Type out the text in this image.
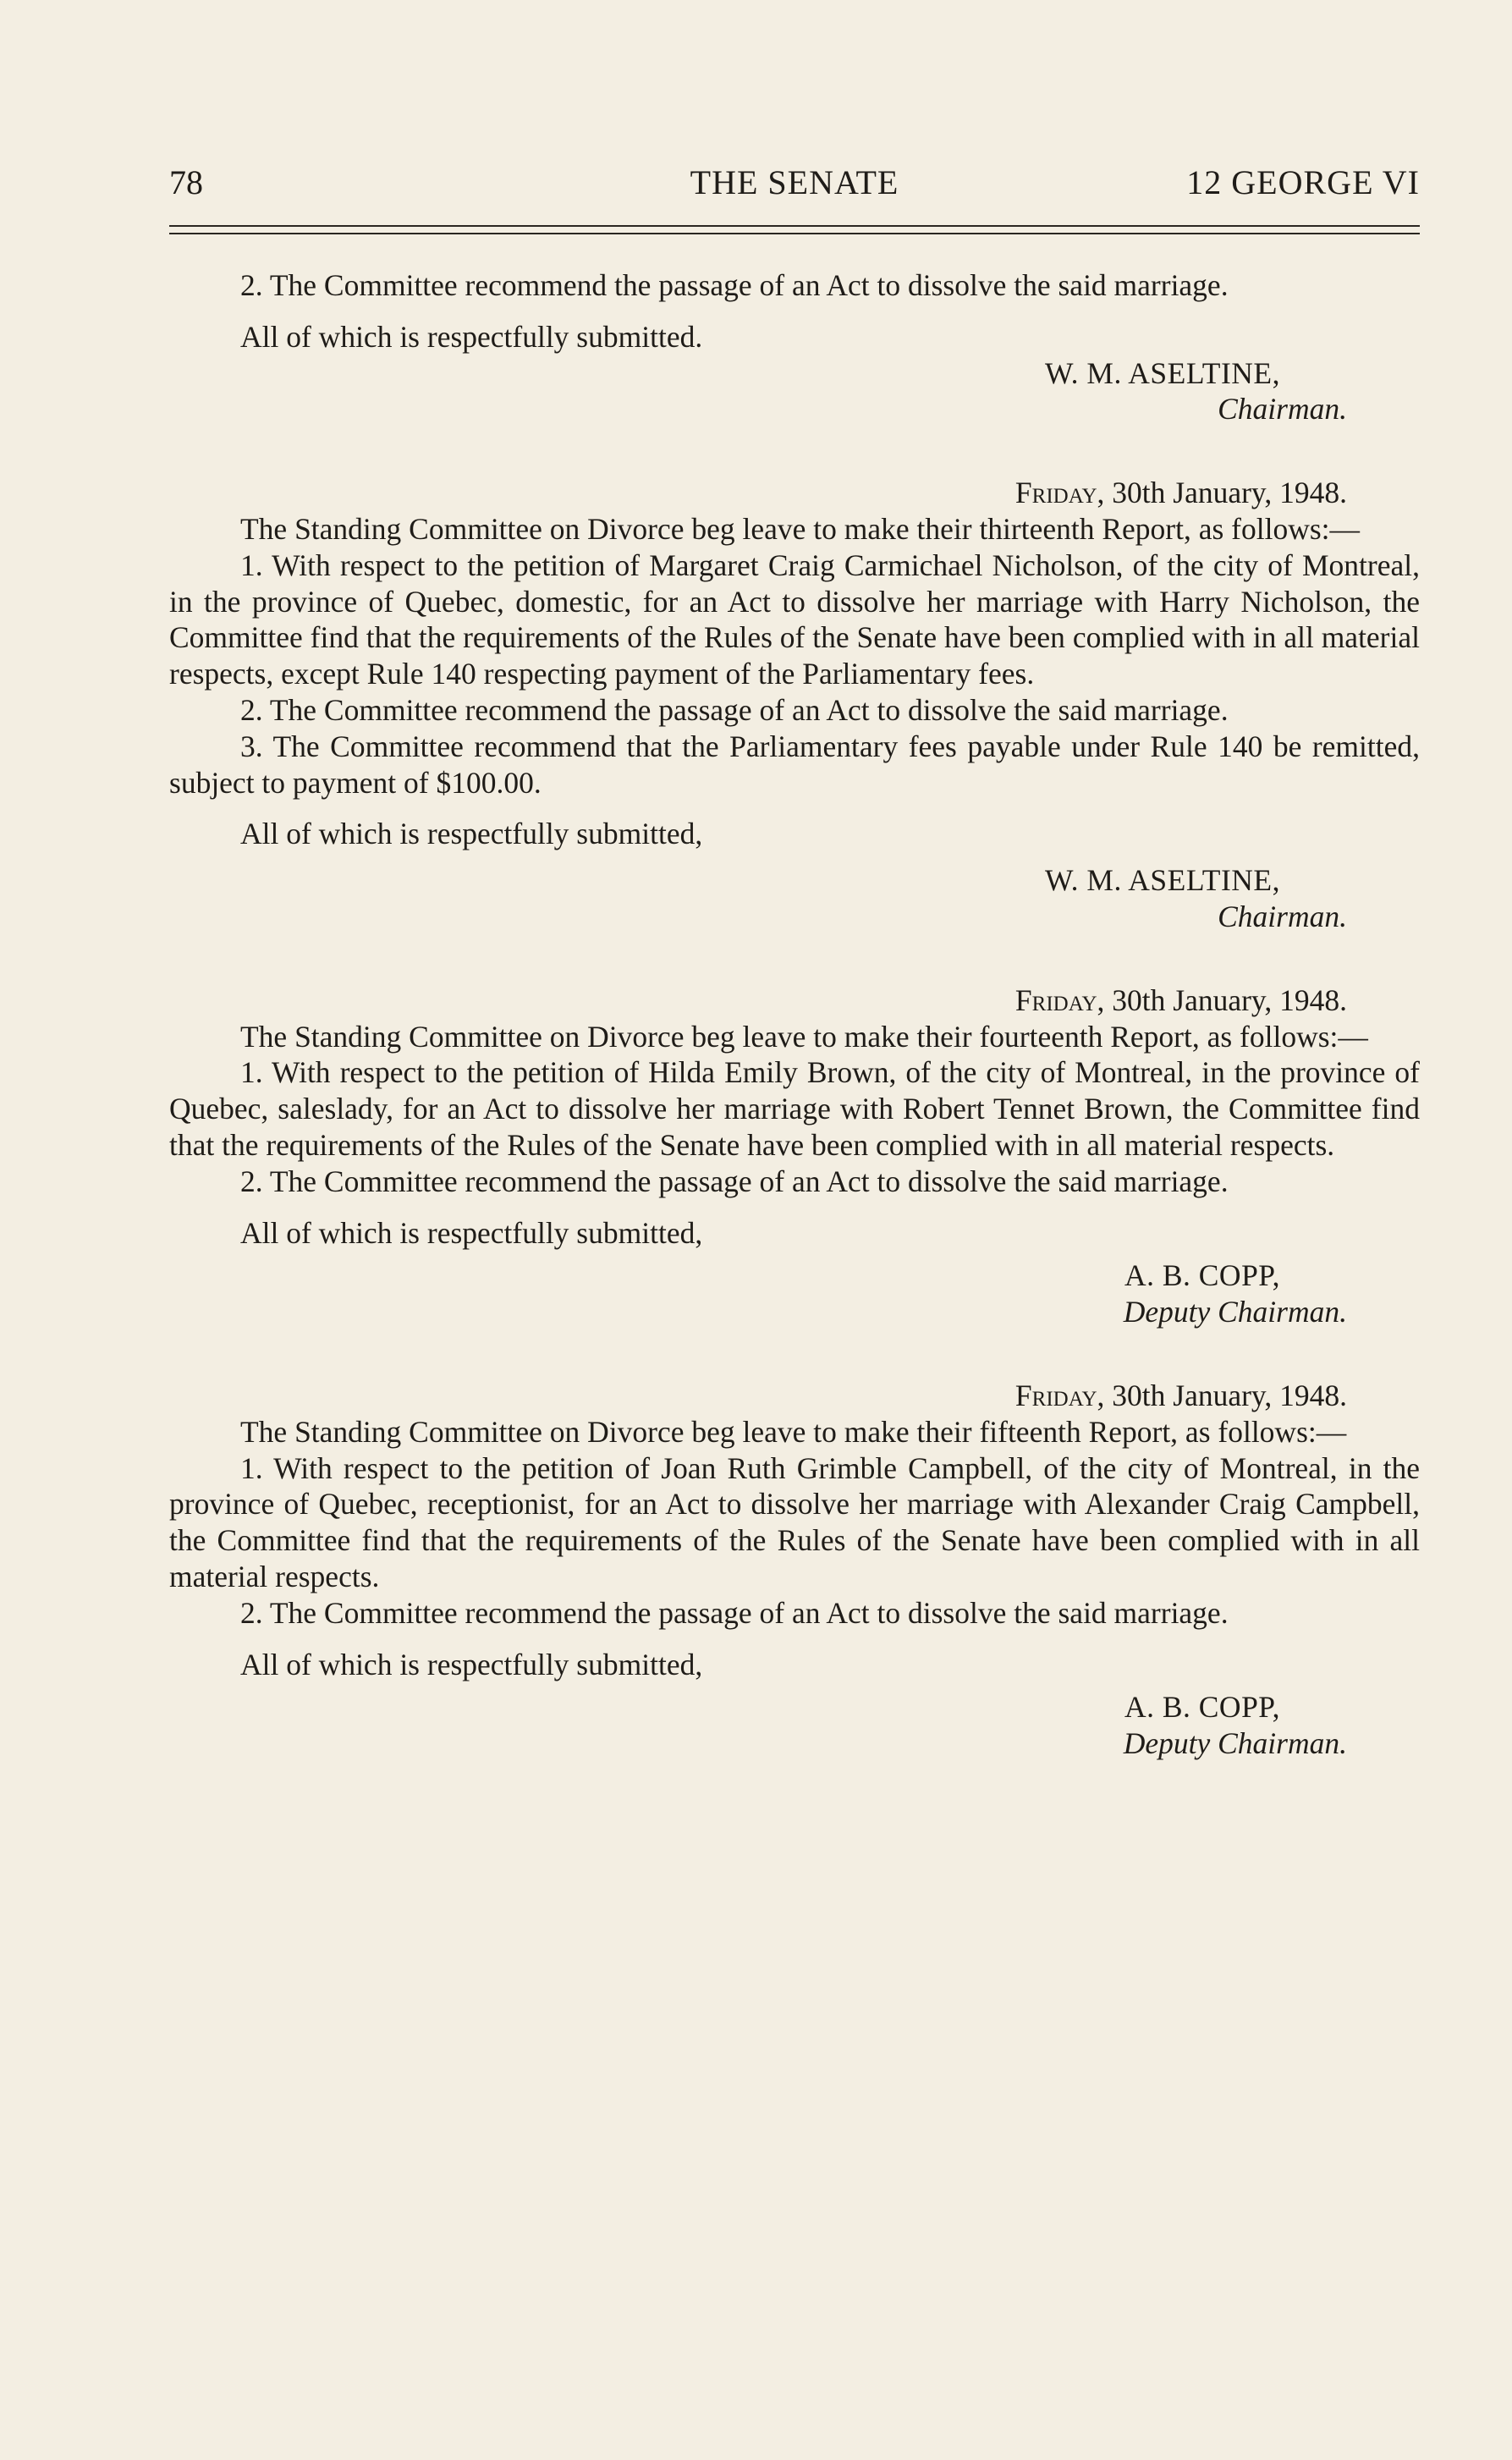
78	THE SENATE	12 GEORGE VI

2. The Committee recommend the passage of an Act to dissolve the said marriage.

All of which is respectfully submitted.

W. M. ASELTINE,

Chairman.

Friday, 30th January, 1948.

The Standing Committee on Divorce beg leave to make their thirteenth Report, as follows:—

1. With respect to the petition of Margaret Craig Carmichael Nicholson, of the city of Montreal, in the province of Quebec, domestic, for an Act to dissolve her marriage with Harry Nicholson, the Committee find that the requirements of the Rules of the Senate have been complied with in all material respects, except Rule 140 respecting payment of the Parliamentary fees.

2. The Committee recommend the passage of an Act to dissolve the said marriage.

3. The Committee recommend that the Parliamentary fees payable under Rule 140 be remitted, subject to payment of $100.00.

All of which is respectfully submitted,

W. M. ASELTINE,

Chairman.

Friday, 30th January, 1948.

The Standing Committee on Divorce beg leave to make their fourteenth Report, as follows:—

1. With respect to the petition of Hilda Emily Brown, of the city of Montreal, in the province of Quebec, saleslady, for an Act to dissolve her marriage with Robert Tennet Brown, the Committee find that the requirements of the Rules of the Senate have been complied with in all material respects.

2. The Committee recommend the passage of an Act to dissolve the said marriage.

All of which is respectfully submitted,

A. B. COPP,

Deputy Chairman.

Friday, 30th January, 1948.

The Standing Committee on Divorce beg leave to make their fifteenth Report, as follows:—

1. With respect to the petition of Joan Ruth Grimble Campbell, of the city of Montreal, in the province of Quebec, receptionist, for an Act to dissolve her marriage with Alexander Craig Campbell, the Committee find that the requirements of the Rules of the Senate have been complied with in all material respects.

2. The Committee recommend the passage of an Act to dissolve the said marriage.

All of which is respectfully submitted,

A. B. COPP,

Deputy Chairman.
